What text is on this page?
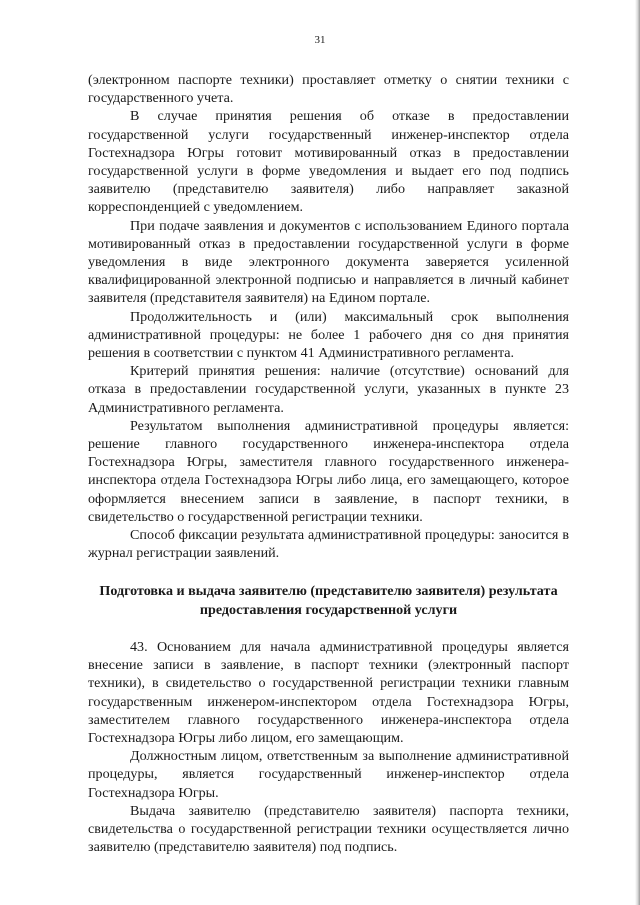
31

(электронном паспорте техники) проставляет отметку о снятии техники с государственного учета.

В случае принятия решения об отказе в предоставлении государственной услуги государственный инженер-инспектор отдела Гостехнадзора Югры готовит мотивированный отказ в предоставлении государственной услуги в форме уведомления и выдает его под подпись заявителю (представителю заявителя) либо направляет заказной корреспонденцией с уведомлением.

При подаче заявления и документов с использованием Единого портала мотивированный отказ в предоставлении государственной услуги в форме уведомления в виде электронного документа заверяется усиленной квалифицированной электронной подписью и направляется в личный кабинет заявителя (представителя заявителя) на Едином портале.

Продолжительность и (или) максимальный срок выполнения административной процедуры: не более 1 рабочего дня со дня принятия решения в соответствии с пунктом 41 Административного регламента.

Критерий принятия решения: наличие (отсутствие) оснований для отказа в предоставлении государственной услуги, указанных в пункте 23 Административного регламента.

Результатом выполнения административной процедуры является: решение главного государственного инженера-инспектора отдела Гостехнадзора Югры, заместителя главного государственного инженера-инспектора отдела Гостехнадзора Югры либо лица, его замещающего, которое оформляется внесением записи в заявление, в паспорт техники, в свидетельство о государственной регистрации техники.

Способ фиксации результата административной процедуры: заносится в журнал регистрации заявлений.

Подготовка и выдача заявителю (представителю заявителя) результата предоставления государственной услуги

43. Основанием для начала административной процедуры является внесение записи в заявление, в паспорт техники (электронный паспорт техники), в свидетельство о государственной регистрации техники главным государственным инженером-инспектором отдела Гостехнадзора Югры, заместителем главного государственного инженера-инспектора отдела Гостехнадзора Югры либо лицом, его замещающим.

Должностным лицом, ответственным за выполнение административной процедуры, является государственный инженер-инспектор отдела Гостехнадзора Югры.

Выдача заявителю (представителю заявителя) паспорта техники, свидетельства о государственной регистрации техники осуществляется лично заявителю (представителю заявителя) под подпись.
